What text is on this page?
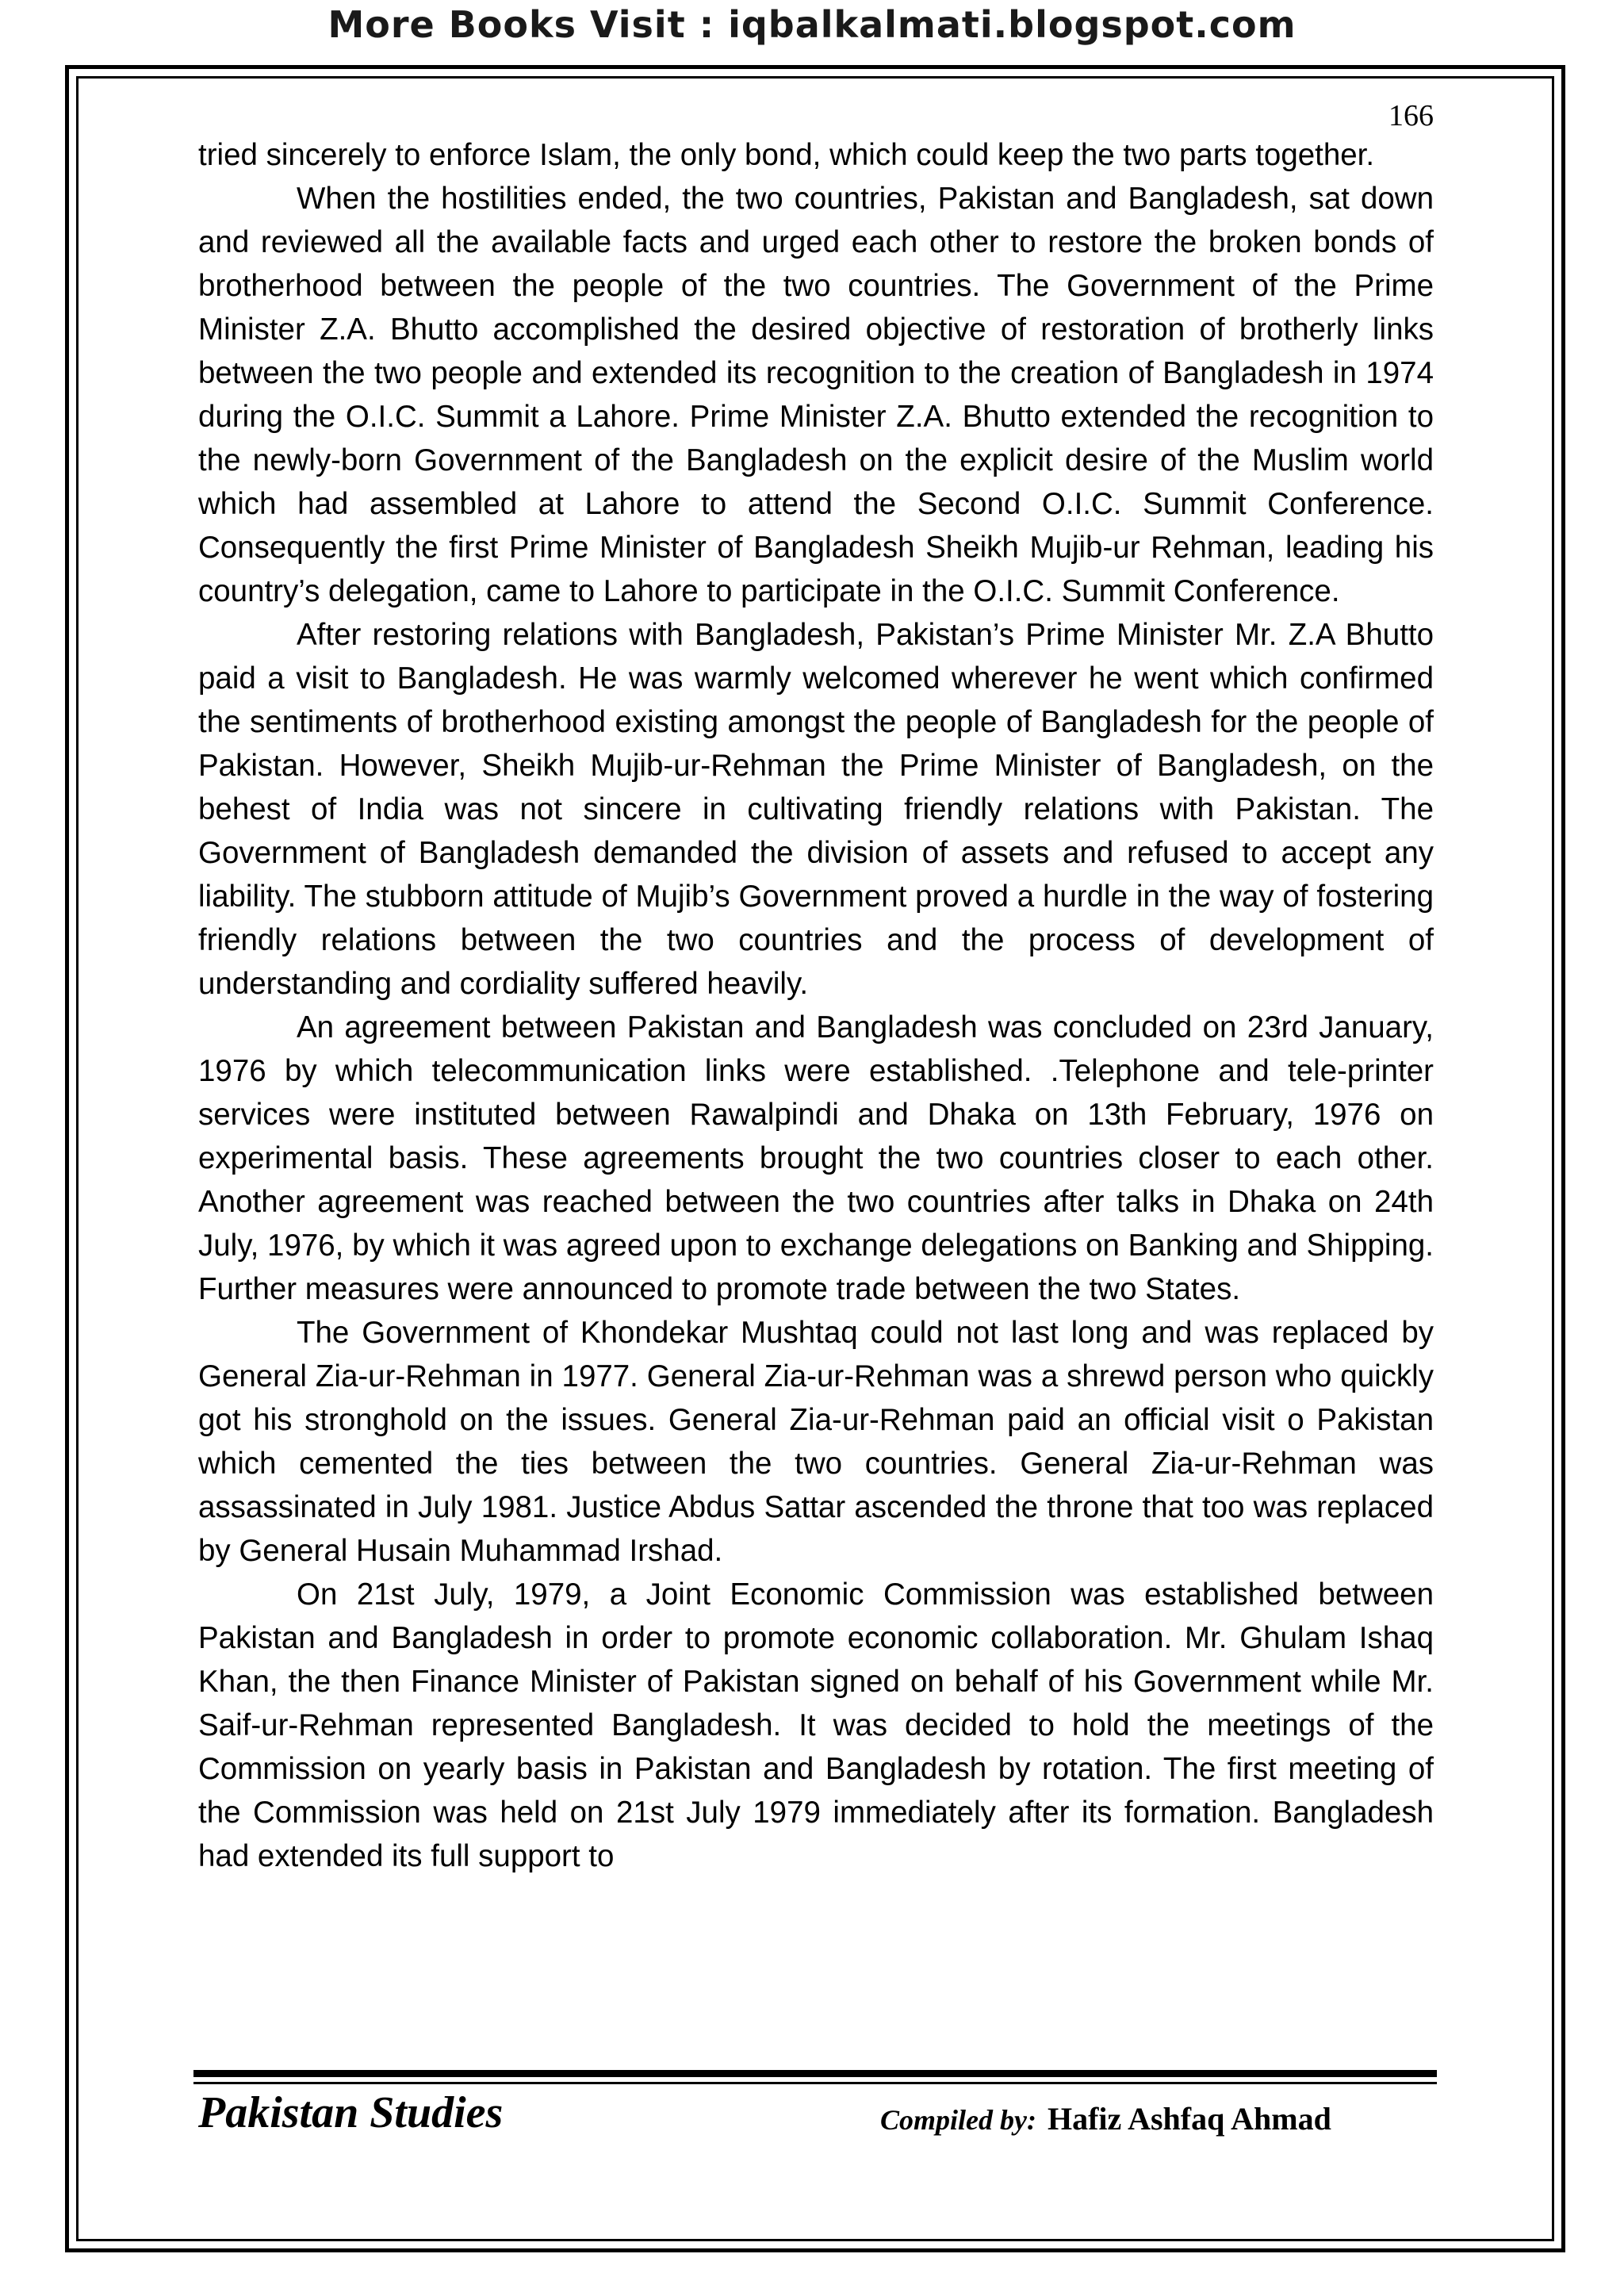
More Books Visit : iqbalkalmati.blogspot.com
166

tried sincerely to enforce Islam, the only bond, which could keep the two parts together.

When the hostilities ended, the two countries, Pakistan and Bangladesh, sat down and reviewed all the available facts and urged each other to restore the broken bonds of brotherhood between the people of the two countries. The Government of the Prime Minister Z.A. Bhutto accomplished the desired objective of restoration of brotherly links between the two people and extended its recognition to the creation of Bangladesh in 1974 during the O.I.C. Summit a Lahore. Prime Minister Z.A. Bhutto extended the recognition to the newly-born Government of the Bangladesh on the explicit desire of the Muslim world which had assembled at Lahore to attend the Second O.I.C. Summit Conference. Consequently the first Prime Minister of Bangladesh Sheikh Mujib-ur Rehman, leading his country’s delegation, came to Lahore to participate in the O.I.C. Summit Conference.

After restoring relations with Bangladesh, Pakistan’s Prime Minister Mr. Z.A Bhutto paid a visit to Bangladesh. He was warmly welcomed wherever he went which confirmed the sentiments of brotherhood existing amongst the people of Bangladesh for the people of Pakistan. However, Sheikh Mujib-ur-Rehman the Prime Minister of Bangladesh, on the behest of India was not sincere in cultivating friendly relations with Pakistan. The Government of Bangladesh demanded the division of assets and refused to accept any liability. The stubborn attitude of Mujib’s Government proved a hurdle in the way of fostering friendly relations between the two countries and the process of development of understanding and cordiality suffered heavily.

An agreement between Pakistan and Bangladesh was concluded on 23rd January, 1976 by which telecommunication links were established. .Telephone and tele-printer services were instituted between Rawalpindi and Dhaka on 13th February, 1976 on experimental basis. These agreements brought the two countries closer to each other. Another agreement was reached between the two countries after talks in Dhaka on 24th July, 1976, by which it was agreed upon to exchange delegations on Banking and Shipping. Further measures were announced to promote trade between the two States.

The Government of Khondekar Mushtaq could not last long and was replaced by General Zia-ur-Rehman in 1977. General Zia-ur-Rehman was a shrewd person who quickly got his stronghold on the issues. General Zia-ur-Rehman paid an official visit o Pakistan which cemented the ties between the two countries. General Zia-ur-Rehman was assassinated in July 1981. Justice Abdus Sattar ascended the throne that too was replaced by General Husain Muhammad Irshad.

On 21st July, 1979, a Joint Economic Commission was established between Pakistan and Bangladesh in order to promote economic collaboration. Mr. Ghulam Ishaq Khan, the then Finance Minister of Pakistan signed on behalf of his Government while Mr. Saif-ur-Rehman represented Bangladesh. It was decided to hold the meetings of the Commission on yearly basis in Pakistan and Bangladesh by rotation. The first meeting of the Commission was held on 21st July 1979 immediately after its formation. Bangladesh had extended its full support to

Pakistan Studies	Compiled by: Hafiz Ashfaq Ahmad
